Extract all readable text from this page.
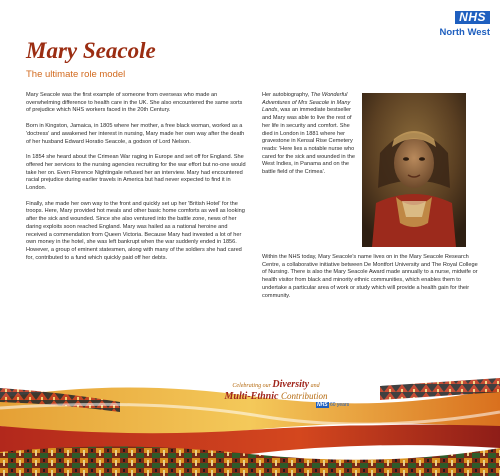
NHS
North West
Mary Seacole
The ultimate role model

Mary Seacole was the first example of someone from overseas who made an overwhelming difference to health care in the UK. She also encountered the same sorts of prejudice which NHS workers faced in the 20th Century.

Born in Kingston, Jamaica, in 1805 where her mother, a free black woman, worked as a 'doctress' and awakened her interest in nursing, Mary made her own way after the death of her husband Edward Horatio Seacole, a godson of Lord Nelson.

In 1854 she heard about the Crimean War raging in Europe and set off for England. She offered her services to the nursing agencies recruiting for the war effort but no-one would take her on. Even Florence Nightingale refused her an interview. Mary had encountered racial prejudice during earlier travels in America but had never expected to find it in London.

Finally, she made her own way to the front and quickly set up her 'British Hotel' for the troops. Here, Mary provided hot meals and other basic home comforts as well as looking after the sick and wounded. Since she also ventured into the battle zone, news of her daring exploits soon reached England. Mary was hailed as a national heroine and received a commendation from Queen Victoria. Because Mary had invested a lot of her own money in the hotel, she was left bankrupt when the war suddenly ended in 1856. However, a group of eminent statesmen, along with many of the soldiers she had cared for, contributed to a fund which quickly paid off her debts.

Her autobiography, The Wonderful Adventures of Mrs Seacole in Many Lands, was an immediate bestseller and Mary was able to live the rest of her life in security and comfort. She died in London in 1881 where her gravestone in Kensal Rise Cemetery reads: 'Here lies a notable nurse who cared for the sick and wounded in the West Indies, in Panama and on the battle field of the Crimea'.

Within the NHS today, Mary Seacole's name lives on in the Mary Seacole Research Centre, a collaborative initiative between De Montfort University and The Royal College of Nursing. There is also the Mary Seacole Award made annually to a nurse, midwife or health visitor from black and minority ethnic communities, which enables them to undertake a particular area of work or study which will provide a health gain for their community.

Celebrating our Diversity and
Multi-Ethnic Contribution
NHS 60 years
